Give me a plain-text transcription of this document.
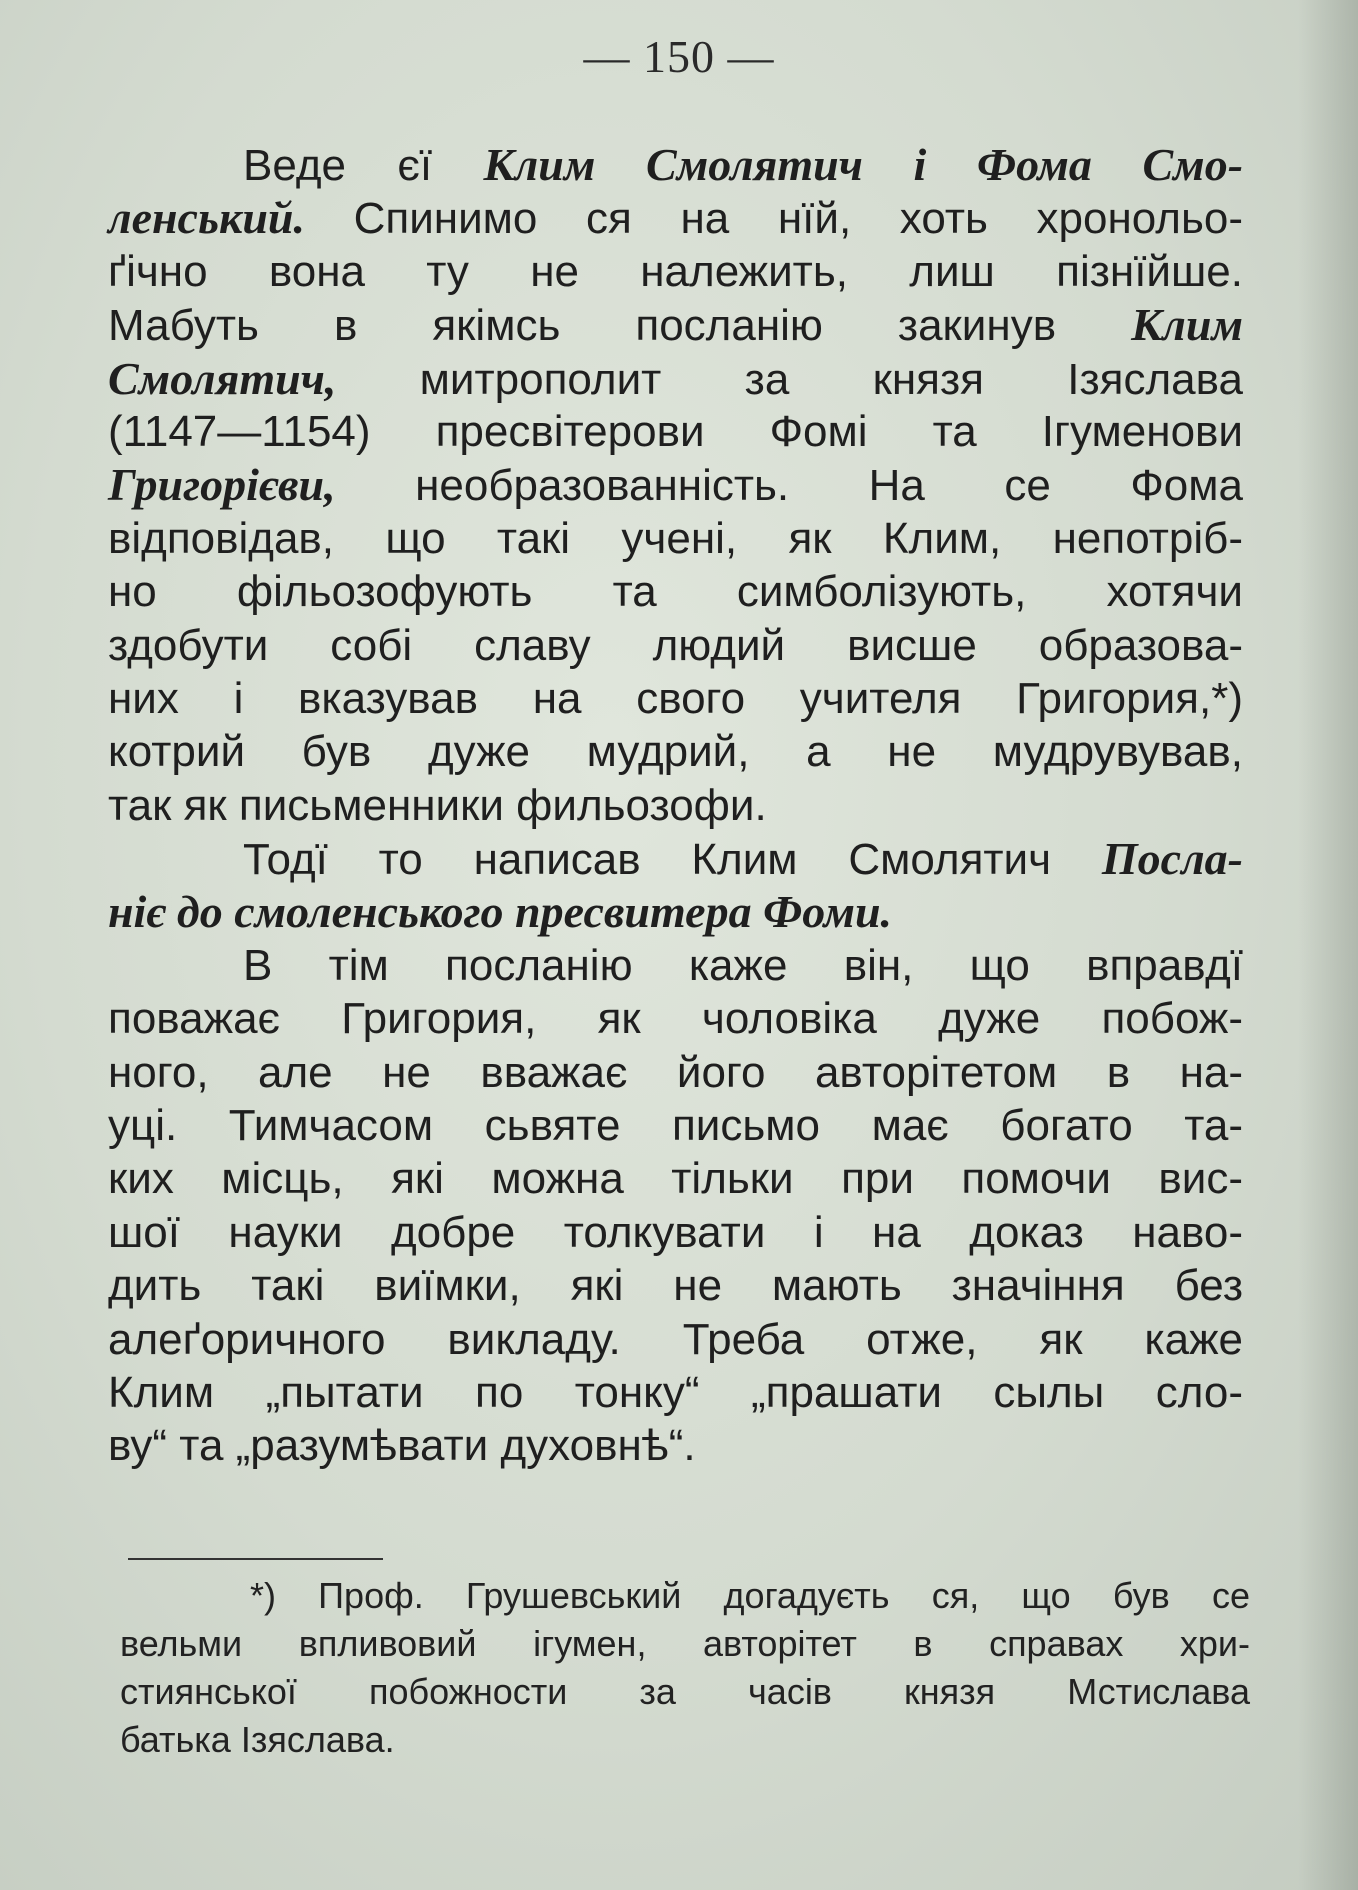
— 150 —
Веде єї Клим Смолятич і Фома Смо-
ленський. Спинимо ся на нїй, хоть хронольо-
ґічно вона ту не належить, лиш пізнїйше.
Мабуть в якімсь посланію закинув Клим
Смолятич, митрополит за князя Ізяслава
(1147—1154) пресвітерови Фомі та Ігуменови
Григорієви, необразованність. На се Фома
відповідав, що такі учені, як Клим, непотріб-
но фільозофують та симболізують, хотячи
здобути собі славу людий висше образова-
них і вказував на свого учителя Григория,*)
котрий був дуже мудрий, а не мудрувував,
так як письменники фильозофи.
Тодї то написав Клим Смолятич Посла-
ніє до смоленського пресвитера Фоми.
В тім посланію каже він, що вправдї
поважає Григория, як чоловіка дуже побож-
ного, але не вважає його авторітетом в на-
уці. Тимчасом сьвяте письмо має богато та-
ких місць, які можна тільки при помочи вис-
шої науки добре толкувати і на доказ наво-
дить такі виїмки, які не мають значіння без
алеґоричного викладу. Треба отже, як каже
Клим „пытати по тонку“ „прашати сылы сло-
ву“ та „разумѣвати духовнѣ“.
*) Проф. Грушевський догадуєть ся, що був се
вельми впливовий ігумен, авторітет в справах хри-
стиянської побожности за часів князя Мстислава
батька Ізяслава.
